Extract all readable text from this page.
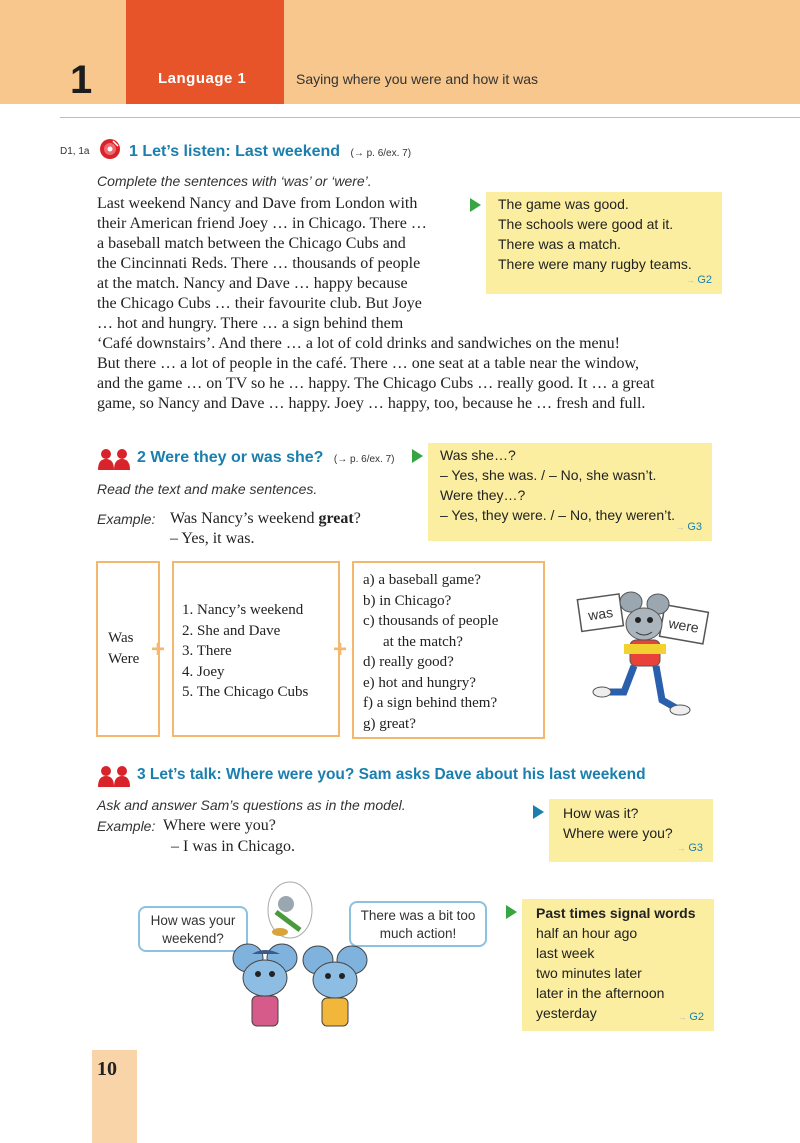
1	Language 1	Saying where you were and how it was
D1, 1a 1 Let’s listen: Last weekend (→ p. 6/ex. 7)
Complete the sentences with ‘was’ or ‘were’.
Last weekend Nancy and Dave from London with
their American friend Joey … in Chicago. There …
a baseball match between the Chicago Cubs and
the Cincinnati Reds. There … thousands of people
at the match. Nancy and Dave … happy because
the Chicago Cubs … their favourite club. But Joye
… hot and hungry. There … a sign behind them
‘Café downstairs’. And there … a lot of cold drinks and sandwiches on the menu!
But there … a lot of people in the café. There … one seat at a table near the window,
and the game … on TV so he … happy. The Chicago Cubs … really good. It … a great
game, so Nancy and Dave … happy. Joey … happy, too, because he … fresh and full.
The game was good.
The schools were good at it.
There was a match.
There were many rugby teams.
→ G2
2 Were they or was she? (→ p. 6/ex. 7)
Read the text and make sentences.
Example: Was Nancy’s weekend great?
– Yes, it was.
Was she…?
– Yes, she was. / – No, she wasn’t.
Were they…?
– Yes, they were. / – No, they weren’t.
→ G3
Was
Were +
1. Nancy’s weekend
2. She and Dave
3. There
4. Joey
5. The Chicago Cubs
+
a) a baseball game?
b) in Chicago?
c) thousands of people
at the match?
d) really good?
e) hot and hungry?
f) a sign behind them?
g) great?
was
were
3 Let’s talk: Where were you? Sam asks Dave about his last weekend
Ask and answer Sam’s questions as in the model.
Example: Where were you?
– I was in Chicago.
How was it?
Where were you?
→ G3
How was your
weekend?
There was a bit too
much action!
Past times signal words
half an hour ago
last week
two minutes later
later in the afternoon
yesterday
→	G2
10
